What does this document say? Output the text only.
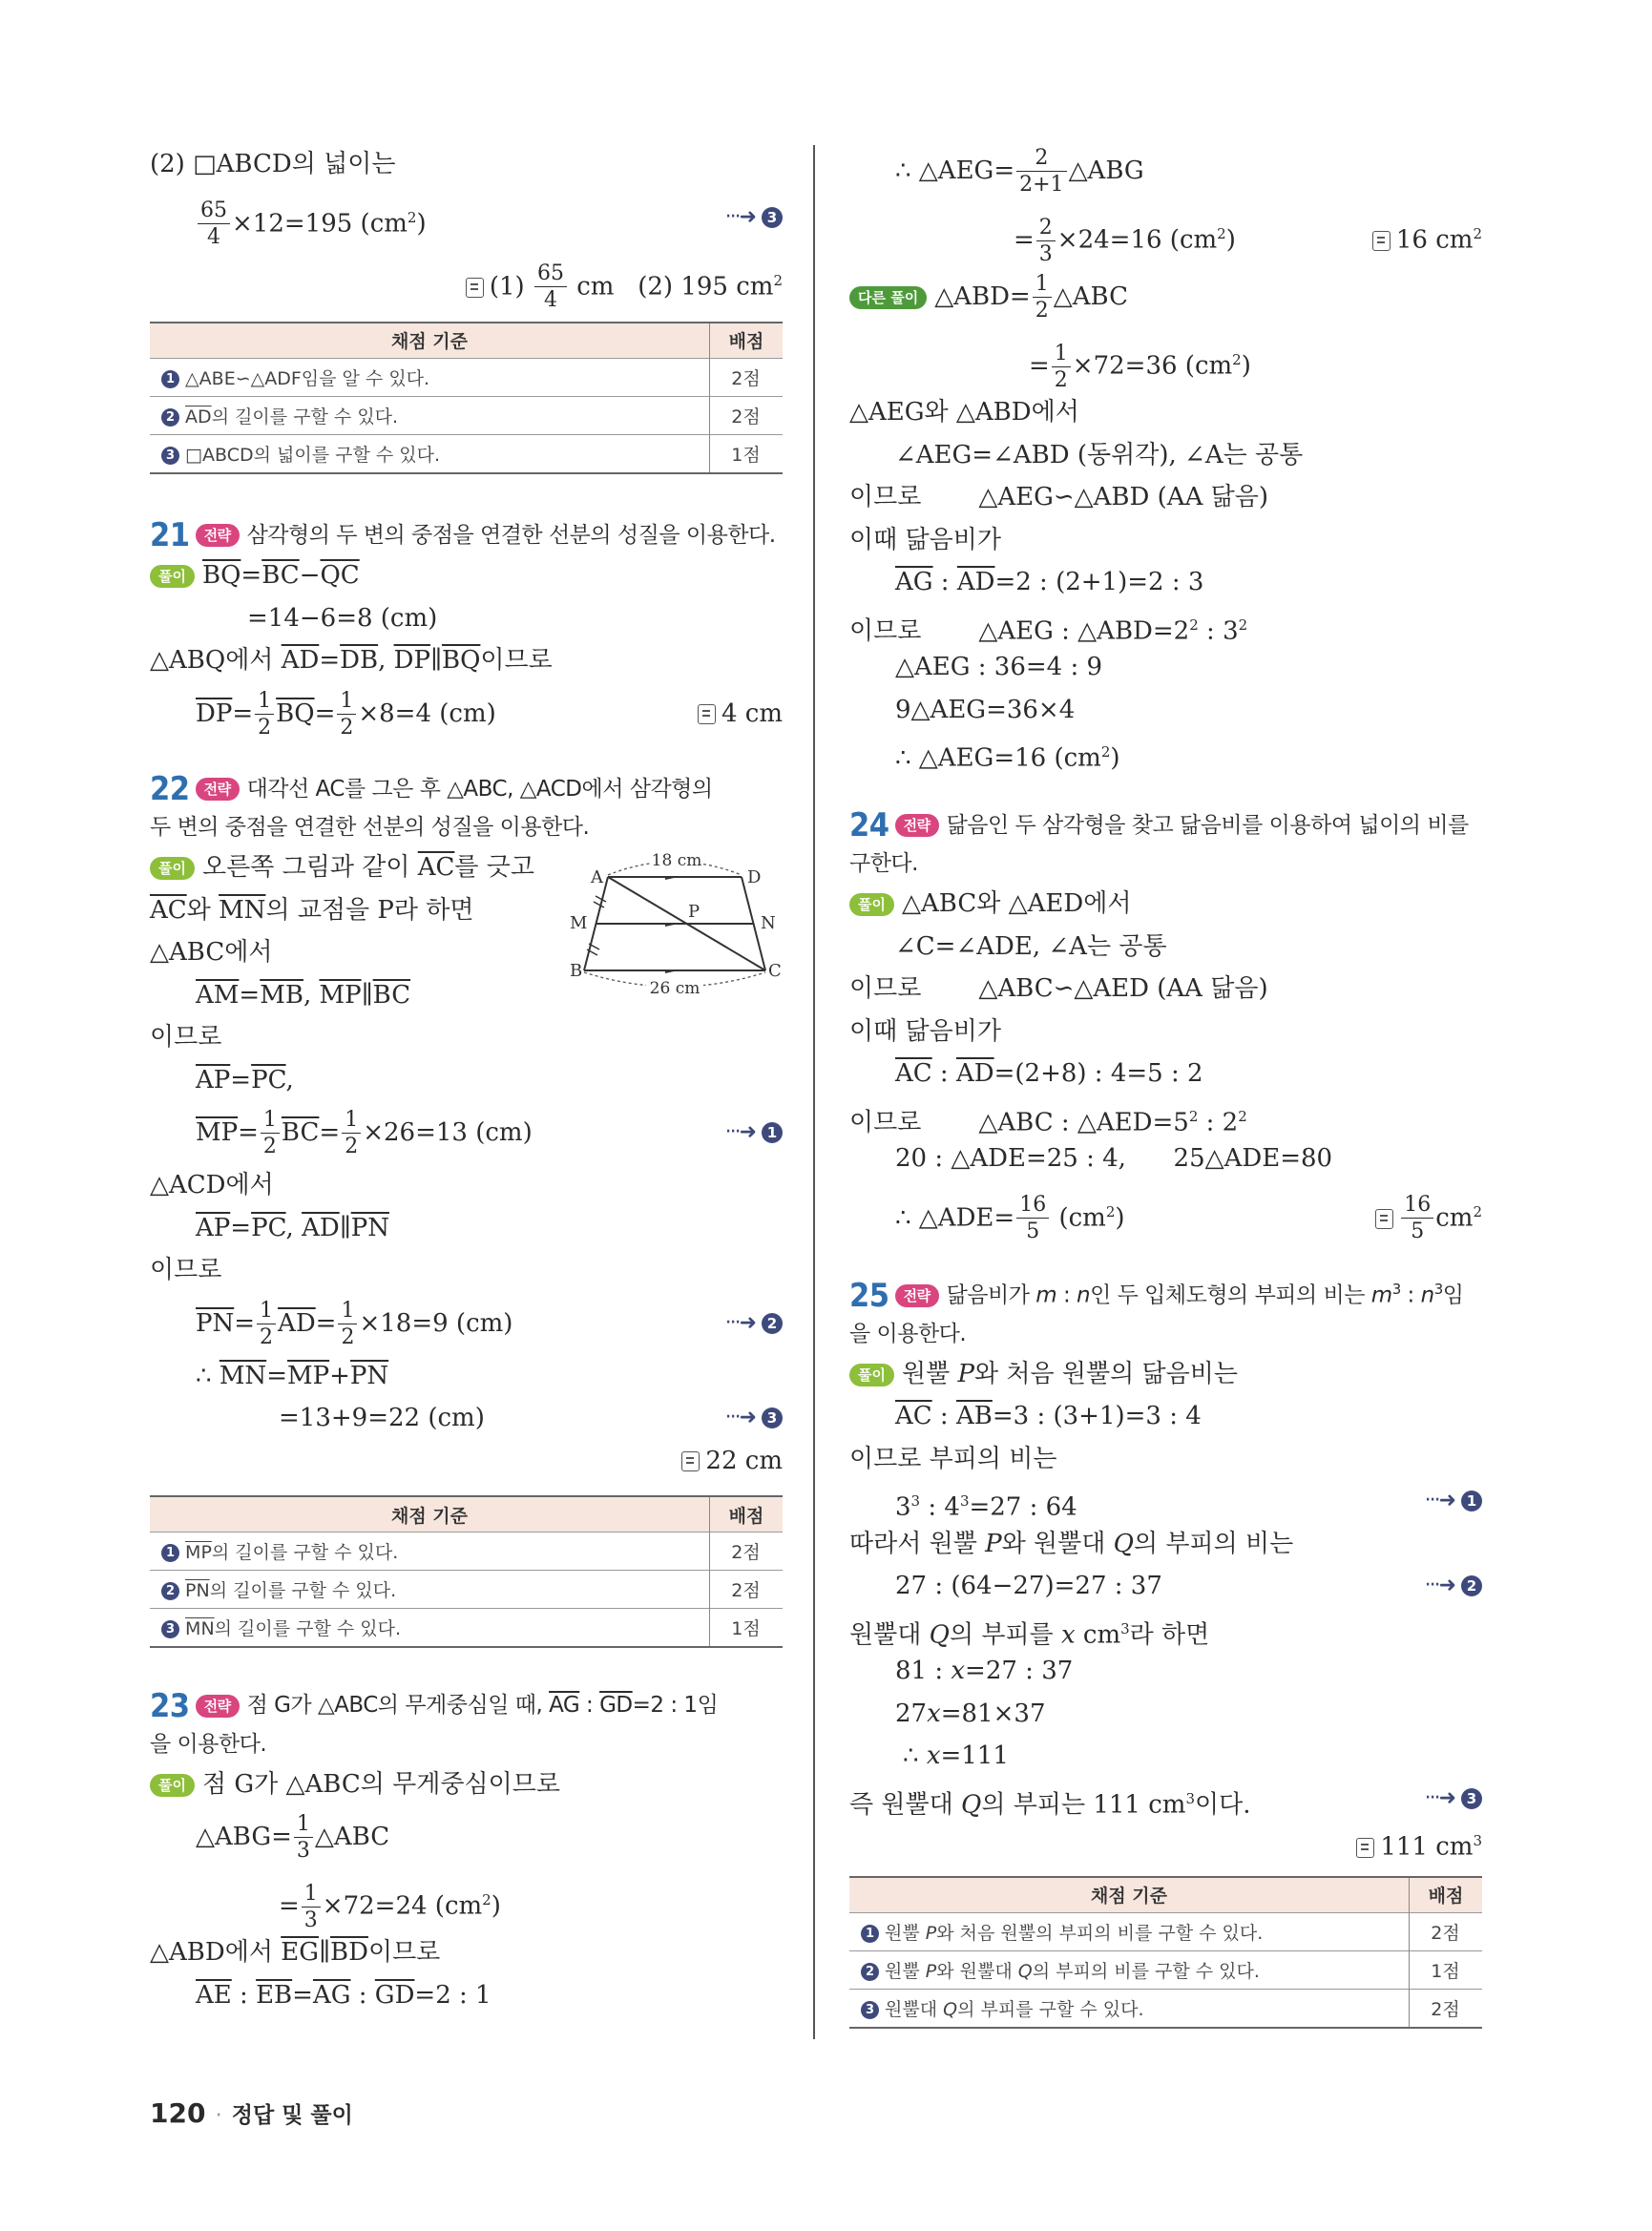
(2) □ABCD의 넓이는
$\frac{65}{4} \times 12=195$ $(cm^2)$	···➜ 3
$(1) \frac{65}{4}$ cm (2) 195 $cm^2$
채점 기준	배점
1 △ABE∽△ADF임을 알 수 있다.	2점
2 $\overline{AD}$의 길이를 구할 수 있다.	2점
3 □ABCD의 넓이를 구할 수 있다.	1점
21 전략 삼각형의 두 변의 중점을 연결한 선분의 성질을 이용한다.
풀이 $\overline{BQ}=\overline{BC}-\overline{QC}$
=14−6=8 (cm)
△ABQ에서 $\overline{AD}=\overline{DB}$, $\overline{DP}\parallel\overline{BQ}$이므로
$\overline{DP}= \frac{1}{2} \overline{BQ}= \frac{1}{2} \times 8=4$ (cm)	4 cm
22 전략 대각선 AC를 그은 후 △ABC, △ACD에서 삼각형의
두 변의 중점을 연결한 선분의 성질을 이용한다.
18 cm
26 cm
A	D
M	N
P
B	C
풀이 오른쪽 그림과 같이 $\overline{AC}$를 긋고
$\overline{AC}$와 $\overline{MN}$의 교점을 P라 하면
△ABC에서
$\overline{AM}=\overline{MB}$, $\overline{MP}\parallel\overline{BC}$
이므로
$\overline{AP}=\overline{PC}$,
$\overline{MP}= \frac{1}{2} \overline{BC}= \frac{1}{2} \times 26=13$ (cm)	···➜ 1
△ACD에서
$\overline{AP}=\overline{PC}$, $\overline{AD}\parallel\overline{PN}$
이므로
$\overline{PN}= \frac{1}{2} \overline{AD}= \frac{1}{2} \times 18=9$ (cm)	···➜ 2
∴ $\overline{MN}=\overline{MP}+\overline{PN}$
=13+9=22 (cm)	···➜ 3
22 cm
채점 기준	배점
1 $\overline{MP}$의 길이를 구할 수 있다.	2점
2 $\overline{PN}$의 길이를 구할 수 있다.	2점
3 $\overline{MN}$의 길이를 구할 수 있다.	1점
23 전략 점 G가 △ABC의 무게중심일 때, $\overline{AG}$ : $\overline{GD}=2$ : 1임
을 이용한다.
풀이 점 G가 △ABC의 무게중심이므로
△ABG= $\frac{1}{3}$ △ABC
= $\frac{1}{3} \times 72=24$ $(cm^2)$
△ABD에서 $\overline{EG}\parallel\overline{BD}$이므로
$\overline{AE}$ : $\overline{EB}=\overline{AG}$ : $\overline{GD}=2$ : 1
∴ △AEG= $\frac{2}{2+1}$ △ABG
= $\frac{2}{3} \times 24=16$ $(cm^2)$	16 $cm^2$
다른 풀이 △ABD= $\frac{1}{2}$ △ABC
= $\frac{1}{2} \times 72=36$ $(cm^2)$
△AEG와 △ABD에서
∠AEG=∠ABD (동위각), ∠A는 공통
이므로 △AEG∽△ABD (AA 닮음)
이때 닮음비가
$\overline{AG}$ : $\overline{AD}=2$ : (2+1)=2 : 3
이므로 △AEG : $\triangle ABD=2^2$ : $3^2$
△AEG : 36=4 : 9
9△AEG=36×4
∴ △AEG=16 $(cm^2)$
24 전략 닮음인 두 삼각형을 찾고 닮음비를 이용하여 넓이의 비를
구한다.
풀이 △ABC와 △AED에서
∠C=∠ADE, ∠A는 공통
이므로 △ABC∽△AED (AA 닮음)
이때 닮음비가
$\overline{AC}$ : $\overline{AD}=(2+8)$ : 4=5 : 2
이므로 △ABC : $\triangle AED=5^2$ : $2^2$
20 : △ADE=25 : 4,      25△ADE=80
∴ △ADE= $\frac{16}{5} (cm^2)$	$\frac{16}{5} cm^2$
25 전략 닮음비가 m : n인 두 입체도형의 부피의 비는 $m^3$ : $n^3$임
을 이용한다.
풀이 원뿔 P와 처음 원뿔의 닮음비는
$\overline{AC}$ : $\overline{AB}=3$ : (3+1)=3 : 4
이므로 부피의 비는
$3^3$ : $4^3=27$ : 64	···➜ 1
따라서 원뿔 P와 원뿔대 Q의 부피의 비는
27 : (64−27)=27 : 37	···➜ 2
원뿔대 Q의 부피를 x $cm^3$라 하면
81 : x=27 : 37
27x=81×37
∴ x=111
즉 원뿔대 Q의 부피는 111 $cm^3$이다.	···➜ 3
111 $cm^3$
채점 기준	배점
1 원뿔 P와 처음 원뿔의 부피의 비를 구할 수 있다.	2점
2 원뿔 P와 원뿔대 Q의 부피의 비를 구할 수 있다.	1점
3 원뿔대 Q의 부피를 구할 수 있다.	2점
120 · 정답 및 풀이
